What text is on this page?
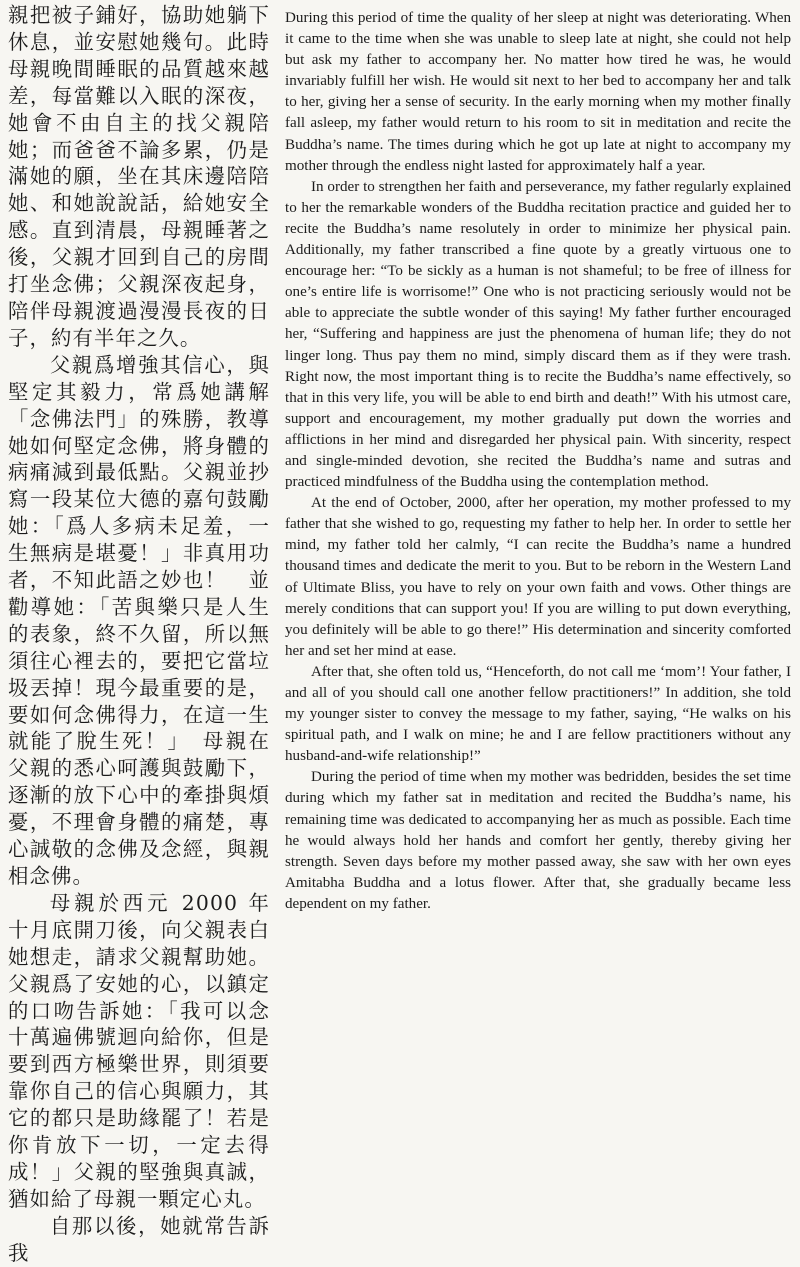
親把被子鋪好，協助她躺下休息，並安慰她幾句。此時母親晚間睡眠的品質越來越差，每當難以入眠的深夜，她會不由自主的找父親陪她；而爸爸不論多累，仍是滿她的願，坐在其床邊陪陪她、和她說說話，給她安全感。直到清晨，母親睡著之後，父親才回到自己的房間打坐念佛；父親深夜起身，陪伴母親渡過漫漫長夜的日子，約有半年之久。

父親爲增強其信心，與堅定其毅力，常爲她講解「念佛法門」的殊勝，教導她如何堅定念佛，將身體的病痛減到最低點。父親並抄寫一段某位大德的嘉句鼓勵她：「爲人多病未足羞，一生無病是堪憂！」非真用功者，不知此語之妙也！　並勸導她：「苦與樂只是人生的表象，終不久留，所以無須往心裡去的，要把它當垃圾丟掉！現今最重要的是，要如何念佛得力，在這一生就能了脫生死！」　母親在父親的悉心呵護與鼓勵下，逐漸的放下心中的牽掛與煩憂，不理會身體的痛楚，專心誠敬的念佛及念經，與親相念佛。

母親於西元 2000 年十月底開刀後，向父親表白她想走，請求父親幫助她。父親爲了安她的心，以鎮定的口吻告訴她：「我可以念十萬遍佛號迴向給你，但是要到西方極樂世界，則須要靠你自己的信心與願力，其它的都只是助緣罷了！若是你肯放下一切，一定去得成！」父親的堅強與真誠，猶如給了母親一顆定心丸。

自那以後，她就常告訴我

During this period of time the quality of her sleep at night was deteriorating. When it came to the time when she was unable to sleep late at night, she could not help but ask my father to accompany her. No matter how tired he was, he would invariably fulfill her wish. He would sit next to her bed to accompany her and talk to her, giving her a sense of security. In the early morning when my mother finally fall asleep, my father would return to his room to sit in meditation and recite the Buddha’s name. The times during which he got up late at night to accompany my mother through the endless night lasted for approximately half a year.

In order to strengthen her faith and perseverance, my father regularly explained to her the remarkable wonders of the Buddha recitation practice and guided her to recite the Buddha’s name resolutely in order to minimize her physical pain. Additionally, my father transcribed a fine quote by a greatly virtuous one to encourage her: “To be sickly as a human is not shameful; to be free of illness for one’s entire life is worrisome!” One who is not practicing seriously would not be able to appreciate the subtle wonder of this saying! My father further encouraged her, “Suffering and happiness are just the phenomena of human life; they do not linger long. Thus pay them no mind, simply discard them as if they were trash. Right now, the most important thing is to recite the Buddha’s name effectively, so that in this very life, you will be able to end birth and death!” With his utmost care, support and encouragement, my mother gradually put down the worries and afflictions in her mind and disregarded her physical pain. With sincerity, respect and single-minded devotion, she recited the Buddha’s name and sutras and practiced mindfulness of the Buddha using the contemplation method.

At the end of October, 2000, after her operation, my mother professed to my father that she wished to go, requesting my father to help her. In order to settle her mind, my father told her calmly, “I can recite the Buddha’s name a hundred thousand times and dedicate the merit to you. But to be reborn in the Western Land of Ultimate Bliss, you have to rely on your own faith and vows. Other things are merely conditions that can support you! If you are willing to put down everything, you definitely will be able to go there!” His determination and sincerity comforted her and set her mind at ease.

After that, she often told us, “Henceforth, do not call me ‘mom’! Your father, I and all of you should call one another fellow practitioners!” In addition, she told my younger sister to convey the message to my father, saying, “He walks on his spiritual path, and I walk on mine; he and I are fellow practitioners without any husband-and-wife relationship!”

During the period of time when my mother was bedridden, besides the set time during which my father sat in meditation and recited the Buddha’s name, his remaining time was dedicated to accompanying her as much as possible. Each time he would always hold her hands and comfort her gently, thereby giving her strength. Seven days before my mother passed away, she saw with her own eyes Amitabha Buddha and a lotus flower. After that, she gradually became less dependent on my father.
